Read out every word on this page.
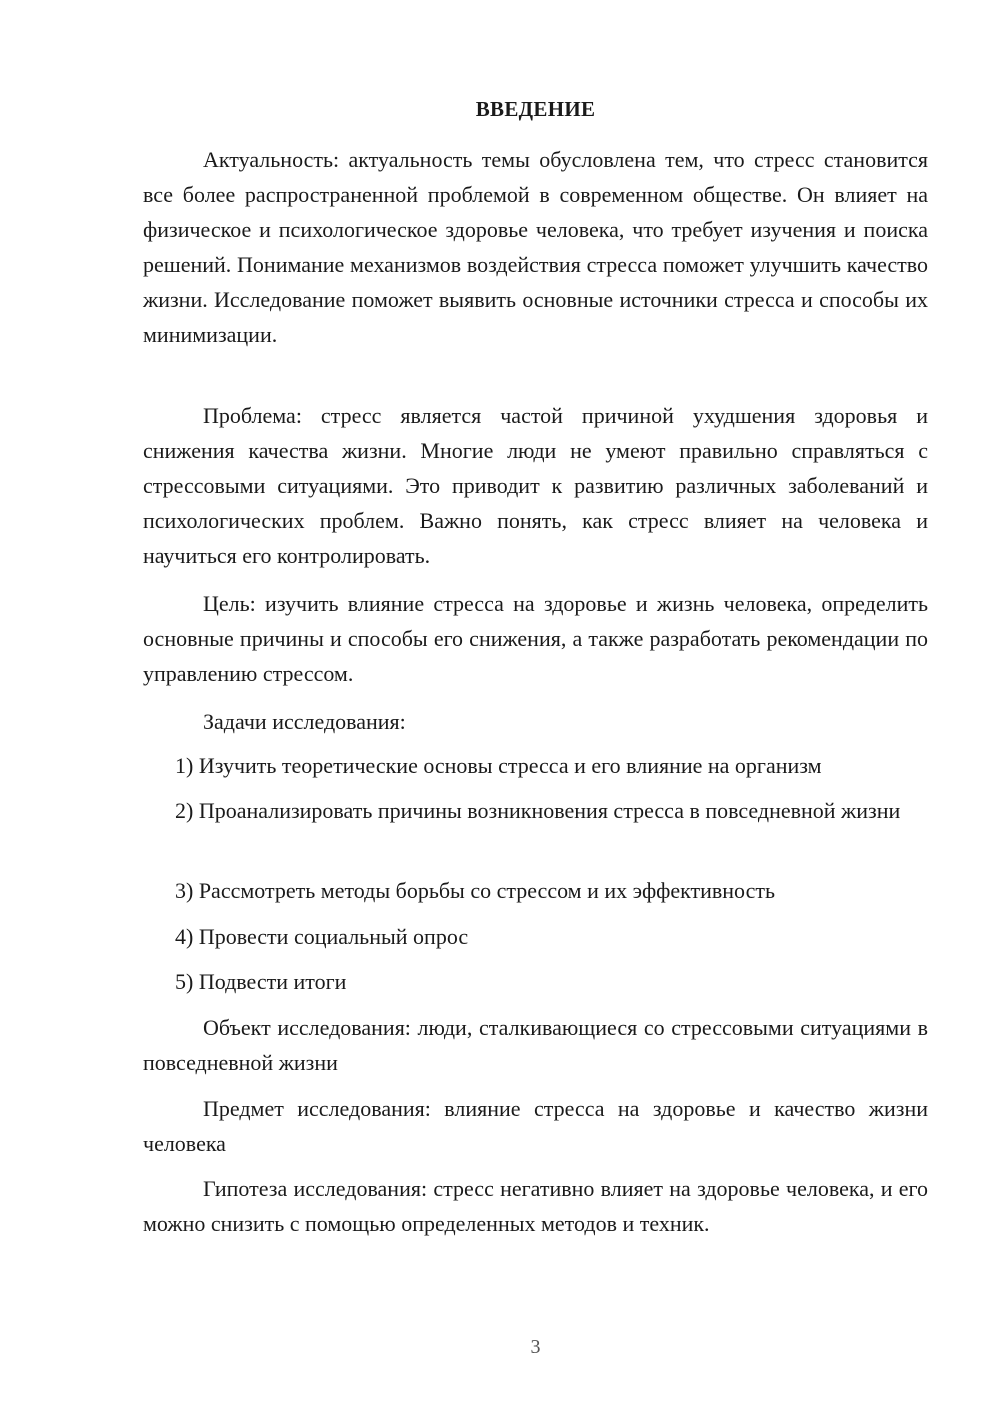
ВВЕДЕНИЕ

Актуальность: актуальность темы обусловлена тем, что стресс становится все более распространенной проблемой в современном обществе. Он влияет на физическое и психологическое здоровье человека, что требует изучения и поиска решений. Понимание механизмов воздействия стресса поможет улучшить качество жизни. Исследование поможет выявить основные источники стресса и способы их минимизации.

Проблема: стресс является частой причиной ухудшения здоровья и снижения качества жизни. Многие люди не умеют правильно справляться с стрессовыми ситуациями. Это приводит к развитию различных заболеваний и психологических проблем. Важно понять, как стресс влияет на человека и научиться его контролировать.

Цель: изучить влияние стресса на здоровье и жизнь человека, определить основные причины и способы его снижения, а также разработать рекомендации по управлению стрессом.

Задачи исследования:

1) Изучить теоретические основы стресса и его влияние на организм

2) Проанализировать причины возникновения стресса в повседневной жизни

3) Рассмотреть методы борьбы со стрессом и их эффективность

4) Провести социальный опрос

5) Подвести итоги

Объект исследования: люди, сталкивающиеся со стрессовыми ситуациями в повседневной жизни

Предмет исследования: влияние стресса на здоровье и качество жизни человека

Гипотеза исследования: стресс негативно влияет на здоровье человека, и его можно снизить с помощью определенных методов и техник.

3
